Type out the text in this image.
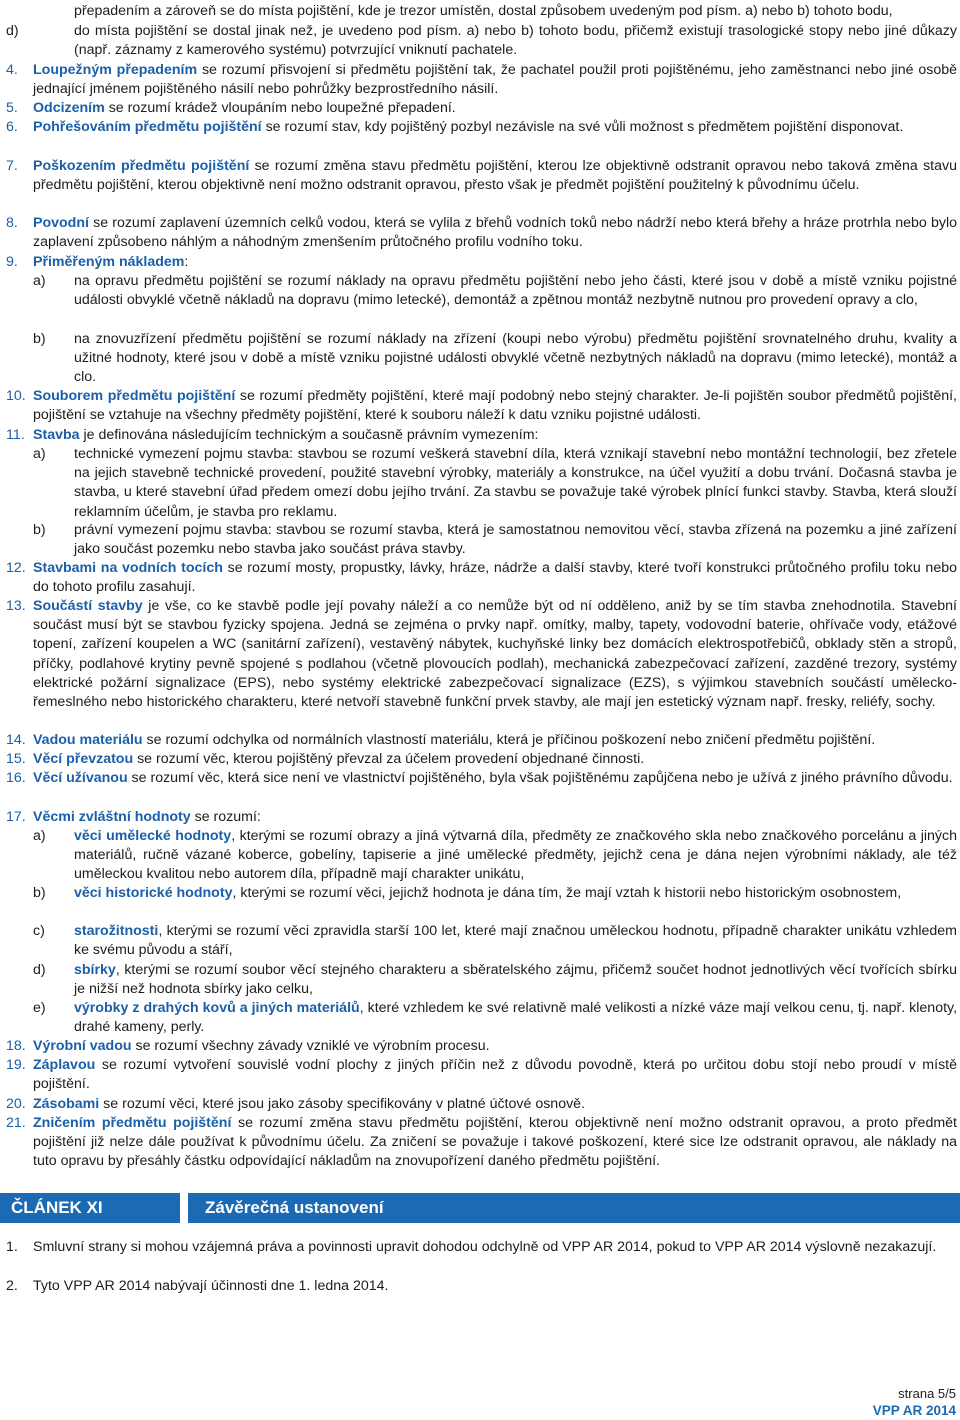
přepadením a zároveň se do místa pojištění, kde je trezor umístěn, dostal způsobem uvedeným pod písm. a) nebo b) tohoto bodu,
d)	do místa pojištění se dostal jinak než, je uvedeno pod písm. a) nebo b) tohoto bodu, přičemž existují trasologické stopy nebo jiné důkazy (např. záznamy z kamerového systému) potvrzující vniknutí pachatele.
4. Loupežným přepadením se rozumí přisvojení si předmětu pojištění tak, že pachatel použil proti pojištěnému, jeho zaměstnanci nebo jiné osobě jednající jménem pojištěného násilí nebo pohrůžky bezprostředního násilí.
5. Odcizením se rozumí krádež vloupáním nebo loupežné přepadení.
6. Pohřešováním předmětu pojištění se rozumí stav, kdy pojištěný pozbyl nezávisle na své vůli možnost s předmětem pojištění disponovat.
7. Poškozením předmětu pojištění se rozumí změna stavu předmětu pojištění, kterou lze objektivně odstranit opravou nebo taková změna stavu předmětu pojištění, kterou objektivně není možno odstranit opravou, přesto však je předmět pojištění použitelný k původnímu účelu.
8. Povodní se rozumí zaplavení územních celků vodou, která se vylila z břehů vodních toků nebo nádrží nebo která břehy a hráze protrhla nebo bylo zaplavení způsobeno náhlým a náhodným zmenšením průtočného profilu vodního toku.
9. Přiměřeným nákladem:
a) na opravu předmětu pojištění se rozumí náklady na opravu předmětu pojištění nebo jeho části, které jsou v době a místě vzniku pojistné události obvyklé včetně nákladů na dopravu (mimo letecké), demontáž a zpětnou montáž nezbytně nutnou pro provedení opravy a clo,
b) na znovuzřízení předmětu pojištění se rozumí náklady na zřízení (koupi nebo výrobu) předmětu pojištění srovnatelného druhu, kvality a užitné hodnoty, které jsou v době a místě vzniku pojistné události obvyklé včetně nezbytných nákladů na dopravu (mimo letecké), montáž a clo.
10. Souborem předmětu pojištění se rozumí předměty pojištění, které mají podobný nebo stejný charakter. Je-li pojištěn soubor předmětů pojištění, pojištění se vztahuje na všechny předměty pojištění, které k souboru náleží k datu vzniku pojistné události.
11. Stavba je definována následujícím technickým a současně právním vymezením:
a) technické vymezení pojmu stavba: stavbou se rozumí veškerá stavební díla, která vznikají stavební nebo montážní technologií, bez zřetele na jejich stavebně technické provedení, použité stavební výrobky, materiály a konstrukce, na účel využití a dobu trvání. Dočasná stavba je stavba, u které stavební úřad předem omezí dobu jejího trvání. Za stavbu se považuje také výrobek plnící funkci stavby. Stavba, která slouží reklamním účelům, je stavba pro reklamu.
b) právní vymezení pojmu stavba: stavbou se rozumí stavba, která je samostatnou nemovitou věcí, stavba zřízená na pozemku a jiné zařízení jako součást pozemku nebo stavba jako součást práva stavby.
12. Stavbami na vodních tocích se rozumí mosty, propustky, lávky, hráze, nádrže a další stavby, které tvoří konstrukci průtočného profilu toku nebo do tohoto profilu zasahují.
13. Součástí stavby je vše, co ke stavbě podle její povahy náleží a co nemůže být od ní odděleno, aniž by se tím stavba znehodnotila. Stavební součást musí být se stavbou fyzicky spojena. Jedná se zejména o prvky např. omítky, malby, tapety, vodovodní baterie, ohřívače vody, etážové topení, zařízení koupelen a WC (sanitární zařízení), vestavěný nábytek, kuchyňské linky bez domácích elektrospotřebičů, obklady stěn a stropů, příčky, podlahové krytiny pevně spojené s podlahou (včetně plovoucích podlah), mechanická zabezpečovací zařízení, zazděné trezory, systémy elektrické požární signalizace (EPS), nebo systémy elektrické zabezpečovací signalizace (EZS), s výjimkou stavebních součástí umělecko-řemeslného nebo historického charakteru, které netvoří stavebně funkční prvek stavby, ale mají jen estetický význam např. fresky, reliéfy, sochy.
14. Vadou materiálu se rozumí odchylka od normálních vlastností materiálu, která je příčinou poškození nebo zničení předmětu pojištění.
15. Věcí převzatou se rozumí věc, kterou pojištěný převzal za účelem provedení objednané činnosti.
16. Věcí užívanou se rozumí věc, která sice není ve vlastnictví pojištěného, byla však pojištěnému zapůjčena nebo je užívá z jiného právního důvodu.
17. Věcmi zvláštní hodnoty se rozumí:
a) věci umělecké hodnoty, kterými se rozumí obrazy a jiná výtvarná díla, předměty ze značkového skla nebo značkového porcelánu a jiných materiálů, ručně vázané koberce, gobelíny, tapiserie a jiné umělecké předměty, jejichž cena je dána nejen výrobními náklady, ale též uměleckou kvalitou nebo autorem díla, případně mají charakter unikátu,
b) věci historické hodnoty, kterými se rozumí věci, jejichž hodnota je dána tím, že mají vztah k historii nebo historickým osobnostem,
c) starožitnosti, kterými se rozumí věci zpravidla starší 100 let, které mají značnou uměleckou hodnotu, případně charakter unikátu vzhledem ke svému původu a stáří,
d) sbírky, kterými se rozumí soubor věcí stejného charakteru a sběratelského zájmu, přičemž součet hodnot jednotlivých věcí tvořících sbírku je nižší než hodnota sbírky jako celku,
e) výrobky z drahých kovů a jiných materiálů, které vzhledem ke své relativně malé velikosti a nízké váze mají velkou cenu, tj. např. klenoty, drahé kameny, perly.
18. Výrobní vadou se rozumí všechny závady vzniklé ve výrobním procesu.
19. Záplavou se rozumí vytvoření souvislé vodní plochy z jiných příčin než z důvodu povodně, která po určitou dobu stojí nebo proudí v místě pojištění.
20. Zásobami se rozumí věci, které jsou jako zásoby specifikovány v platné účtové osnově.
21. Zničením předmětu pojištění se rozumí změna stavu předmětu pojištění, kterou objektivně není možno odstranit opravou, a proto předmět pojištění již nelze dále používat k původnímu účelu. Za zničení se považuje i takové poškození, které sice lze odstranit opravou, ale náklady na tuto opravu by přesáhly částku odpovídající nákladům na znovupořízení daného předmětu pojištění.
ČLÁNEK XI	Závěrečná ustanovení
1. Smluvní strany si mohou vzájemná práva a povinnosti upravit dohodou odchylně od VPP AR 2014, pokud to VPP AR 2014 výslovně nezakazují.
2. Tyto VPP AR 2014 nabývají účinnosti dne 1. ledna 2014.
strana 5/5
VPP AR 2014
